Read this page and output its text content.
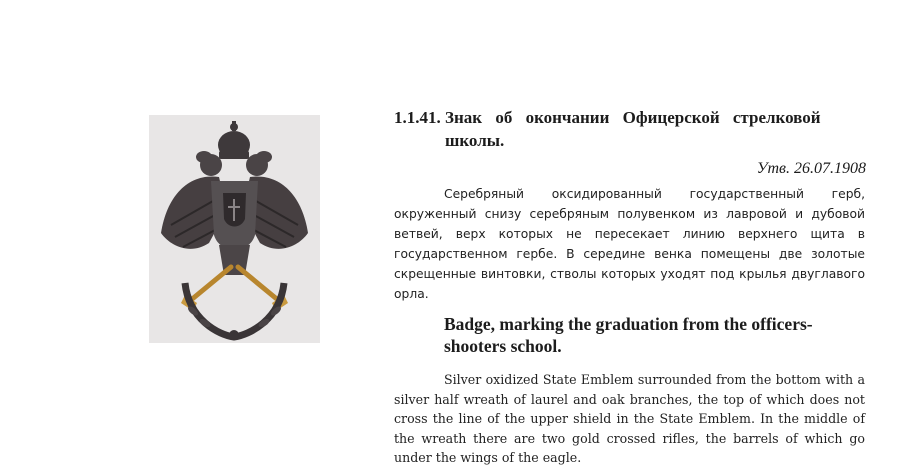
1.1.41. Знак об окончании Офицерской стрелковой
школы.
Утв. 26.07.1908

Серебряный оксидированный государственный герб, окруженный снизу серебряным полувенком из лавровой и дубовой ветвей, верх которых не пересекает линию верхнего щита в государственном гербе. В середине венка помещены две золотые скрещенные винтовки, стволы которых уходят под крылья двуглавого орла.

Badge, marking the graduation from the officers-shooters school.

Silver oxidized State Emblem surrounded from the bottom with a silver half wreath of laurel and oak branches, the top of which does not cross the line of the upper shield in the State Emblem. In the middle of the wreath there are two gold crossed rifles, the barrels of which go under the wings of the eagle.
